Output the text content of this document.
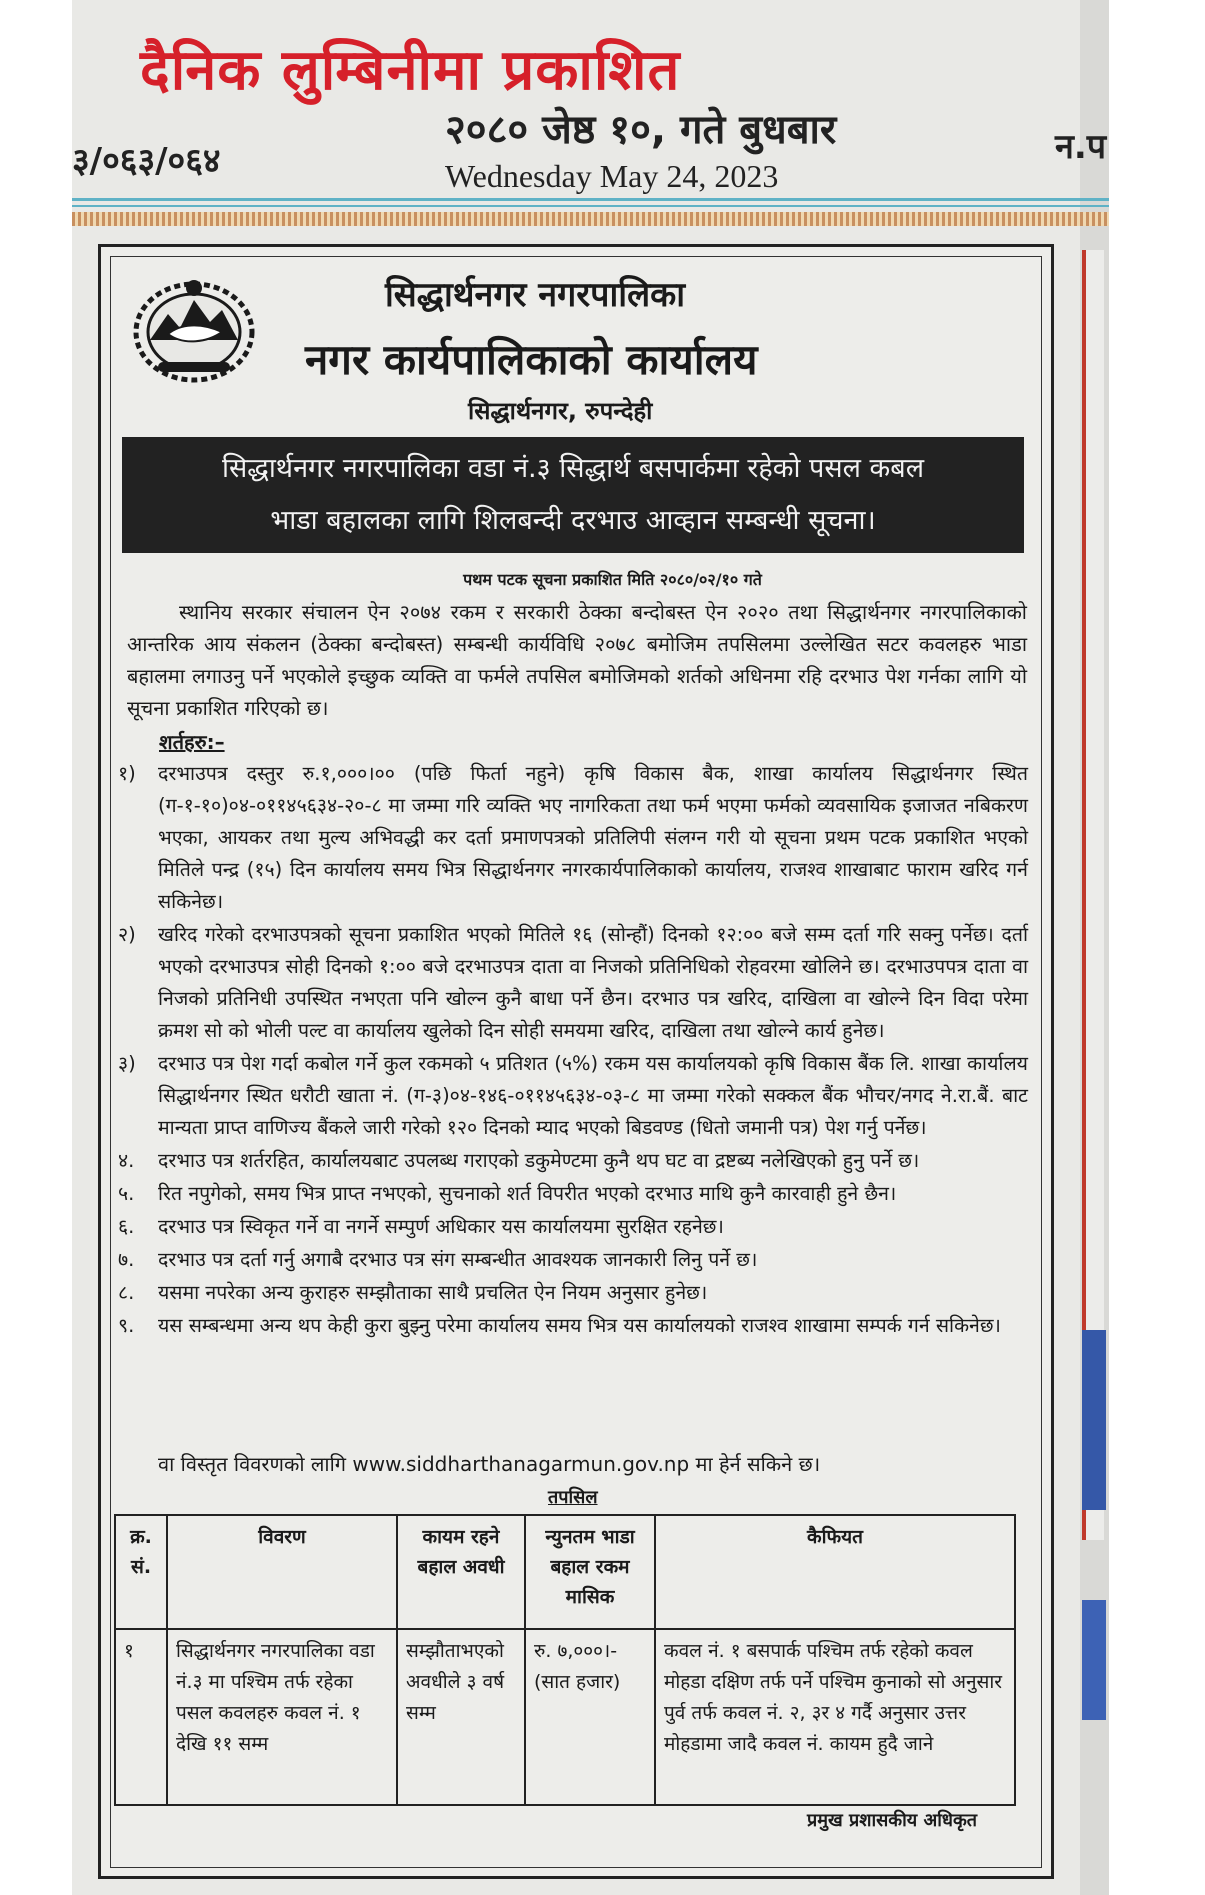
दैनिक लुम्बिनीमा प्रकाशित
३/०६३/०६४
२०८० जेष्ठ १०, गते बुधबार
Wednesday May 24, 2023
न.प
सिद्धार्थनगर नगरपालिका
नगर कार्यपालिकाको कार्यालय
सिद्धार्थनगर, रुपन्देही
सिद्धार्थनगर नगरपालिका वडा नं.३ सिद्धार्थ बसपार्कमा रहेको पसल कबल
भाडा बहालका लागि शिलबन्दी दरभाउ आव्हान सम्बन्धी सूचना।
पथम पटक सूचना प्रकाशित मिति २०८०/०२/१० गते
स्थानिय सरकार संचालन ऐन २०७४ रकम र सरकारी ठेक्का बन्दोबस्त ऐन २०२० तथा सिद्धार्थनगर नगरपालिकाको आन्तरिक आय संकलन (ठेक्का बन्दोबस्त) सम्बन्धी कार्यविधि २०७८ बमोजिम तपसिलमा उल्लेखित सटर कवलहरु भाडा बहालमा लगाउनु पर्ने भएकोले इच्छुक व्यक्ति वा फर्मले तपसिल बमोजिमको शर्तको अधिनमा रहि दरभाउ पेश गर्नका लागि यो सूचना प्रकाशित गरिएको छ।
शर्तहरु:–
१)	दरभाउपत्र दस्तुर रु.१,०००।०० (पछि फिर्ता नहुने) कृषि विकास बैक, शाखा कार्यालय सिद्धार्थनगर स्थित (ग-१-१०)०४-०११४५६३४-२०-८ मा जम्मा गरि व्यक्ति भए नागरिकता तथा फर्म भएमा फर्मको व्यवसायिक इजाजत नबिकरण भएका, आयकर तथा मुल्य अभिवद्धी कर दर्ता प्रमाणपत्रको प्रतिलिपी संलग्न गरी यो सूचना प्रथम पटक प्रकाशित भएको मितिले पन्द्र (१५) दिन कार्यालय समय भित्र सिद्धार्थनगर नगरकार्यपालिकाको कार्यालय, राजश्व शाखाबाट फाराम खरिद गर्न सकिनेछ।
२)	खरिद गरेको दरभाउपत्रको सूचना प्रकाशित भएको मितिले १६ (सोन्हौं) दिनको १२:०० बजे सम्म दर्ता गरि सक्नु पर्नेछ। दर्ता भएको दरभाउपत्र सोही दिनको १:०० बजे दरभाउपत्र दाता वा निजको प्रतिनिधिको रोहवरमा खोलिने छ। दरभाउपपत्र दाता वा निजको प्रतिनिधी उपस्थित नभएता पनि खोल्न कुनै बाधा पर्ने छैन। दरभाउ पत्र खरिद, दाखिला वा खोल्ने दिन विदा परेमा क्रमश सो को भोली पल्ट वा कार्यालय खुलेको दिन सोही समयमा खरिद, दाखिला तथा खोल्ने कार्य हुनेछ।
३)	दरभाउ पत्र पेश गर्दा कबोल गर्ने कुल रकमको ५ प्रतिशत (५%) रकम यस कार्यालयको कृषि विकास बैंक लि. शाखा कार्यालय सिद्धार्थनगर स्थित धरौटी खाता नं. (ग-३)०४-१४६-०११४५६३४-०३-८ मा जम्मा गरेको सक्कल बैंक भौचर/नगद ने.रा.बैं. बाट मान्यता प्राप्त वाणिज्य बैंकले जारी गरेको १२० दिनको म्याद भएको बिडवण्ड (धितो जमानी पत्र) पेश गर्नु पर्नेछ।
४.	दरभाउ पत्र शर्तरहित, कार्यालयबाट उपलब्ध गराएको डकुमेण्टमा कुनै थप घट वा द्रष्टब्य नलेखिएको हुनु पर्ने छ।
५.	रित नपुगेको, समय भित्र प्राप्त नभएको, सुचनाको शर्त विपरीत भएको दरभाउ माथि कुनै कारवाही हुने छैन।
६.	दरभाउ पत्र स्विकृत गर्ने वा नगर्ने सम्पुर्ण अधिकार यस कार्यालयमा सुरक्षित रहनेछ।
७.	दरभाउ पत्र दर्ता गर्नु अगाबै दरभाउ पत्र संग सम्बन्धीत आवश्यक जानकारी लिनु पर्ने छ।
८.	यसमा नपरेका अन्य कुराहरु सम्झौताका साथै प्रचलित ऐन नियम अनुसार हुनेछ।
९.	यस सम्बन्धमा अन्य थप केही कुरा बुझ्नु परेमा कार्यालय समय भित्र यस कार्यालयको राजश्व शाखामा सम्पर्क गर्न सकिनेछ।
वा विस्तृत विवरणको लागि www.siddharthanagarmun.gov.np मा हेर्न सकिने छ।
तपसिल
क्र. सं.	विवरण	कायम रहने बहाल अवधी	न्युनतम भाडा बहाल रकम मासिक	कैफियत
१	सिद्धार्थनगर नगरपालिका वडा नं.३ मा पश्चिम तर्फ रहेका पसल कवलहरु कवल नं. १ देखि ११ सम्म	सम्झौताभएको अवधीले ३ वर्ष सम्म	रु. ७,०००।- (सात हजार)	कवल नं. १ बसपार्क पश्चिम तर्फ रहेको कवल मोहडा दक्षिण तर्फ पर्ने पश्चिम कुनाको सो अनुसार पुर्व तर्फ कवल नं. २, ३र ४ गर्दै अनुसार उत्तर मोहडामा जादै कवल नं. कायम हुदै जाने
प्रमुख प्रशासकीय अधिकृत
